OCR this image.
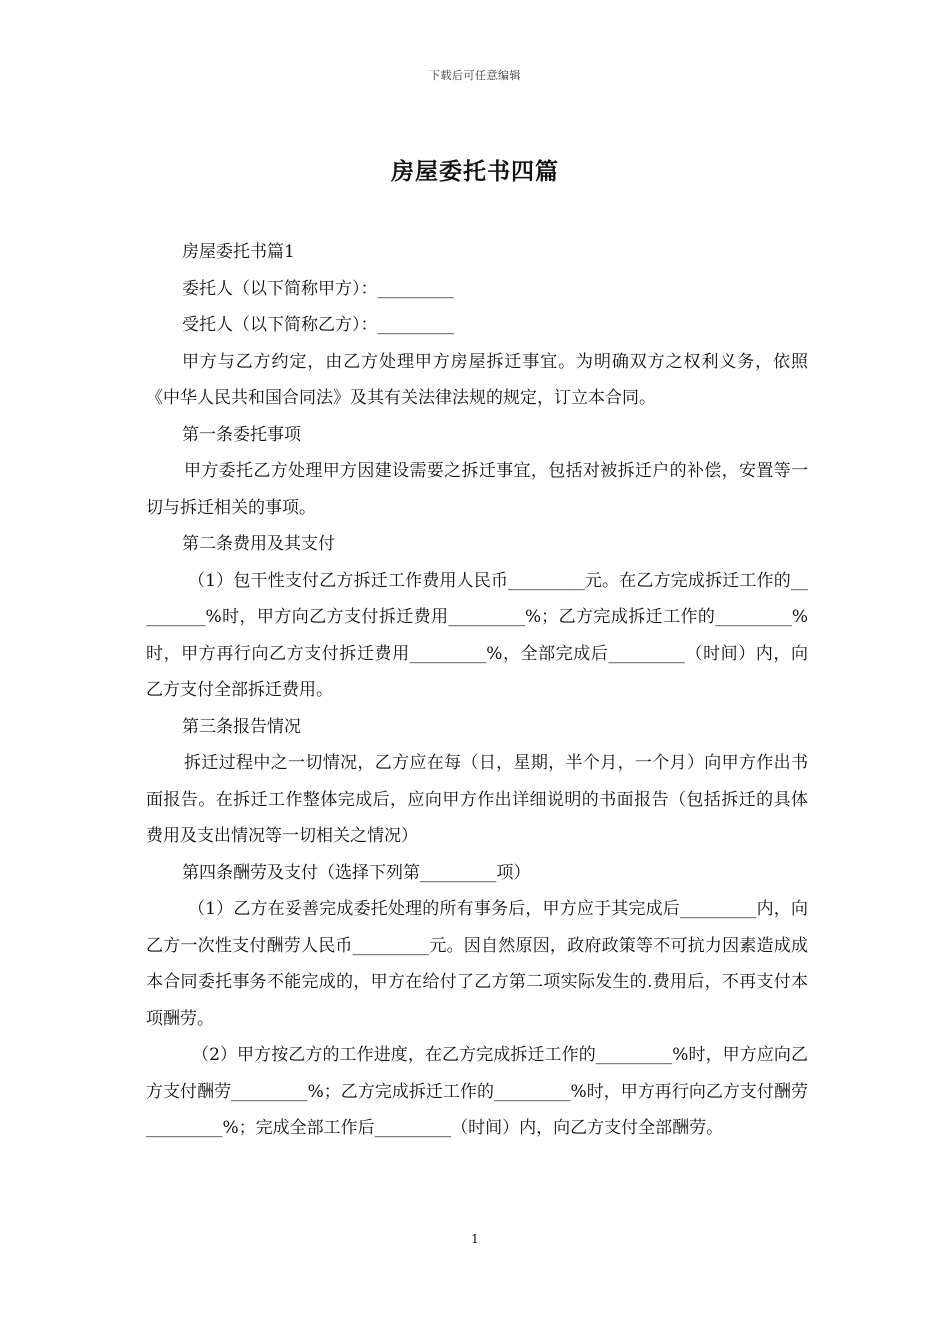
下载后可任意编辑
房屋委托书四篇

房屋委托书篇1

委托人（以下简称甲方）：_________

受托人（以下简称乙方）：_________

甲方与乙方约定，由乙方处理甲方房屋拆迁事宜。为明确双方之权利义务，依照《中华人民共和国合同法》及其有关法律法规的规定，订立本合同。

第一条委托事项

甲方委托乙方处理甲方因建设需要之拆迁事宜，包括对被拆迁户的补偿，安置等一切与拆迁相关的事项。

第二条费用及其支付

（1）包干性支付乙方拆迁工作费用人民币_________元。在乙方完成拆迁工作的_________%时，甲方向乙方支付拆迁费用_________%；乙方完成拆迁工作的_________%时，甲方再行向乙方支付拆迁费用_________%，全部完成后_________（时间）内，向乙方支付全部拆迁费用。

第三条报告情况

拆迁过程中之一切情况，乙方应在每（日，星期，半个月，一个月）向甲方作出书面报告。在拆迁工作整体完成后，应向甲方作出详细说明的书面报告（包括拆迁的具体费用及支出情况等一切相关之情况）

第四条酬劳及支付（选择下列第_________项）

（1）乙方在妥善完成委托处理的所有事务后，甲方应于其完成后_________内，向乙方一次性支付酬劳人民币_________元。因自然原因，政府政策等不可抗力因素造成成本合同委托事务不能完成的，甲方在给付了乙方第二项实际发生的.费用后，不再支付本项酬劳。

（2）甲方按乙方的工作进度，在乙方完成拆迁工作的_________%时，甲方应向乙方支付酬劳_________%；乙方完成拆迁工作的_________%时，甲方再行向乙方支付酬劳_________%；完成全部工作后_________（时间）内，向乙方支付全部酬劳。

1
